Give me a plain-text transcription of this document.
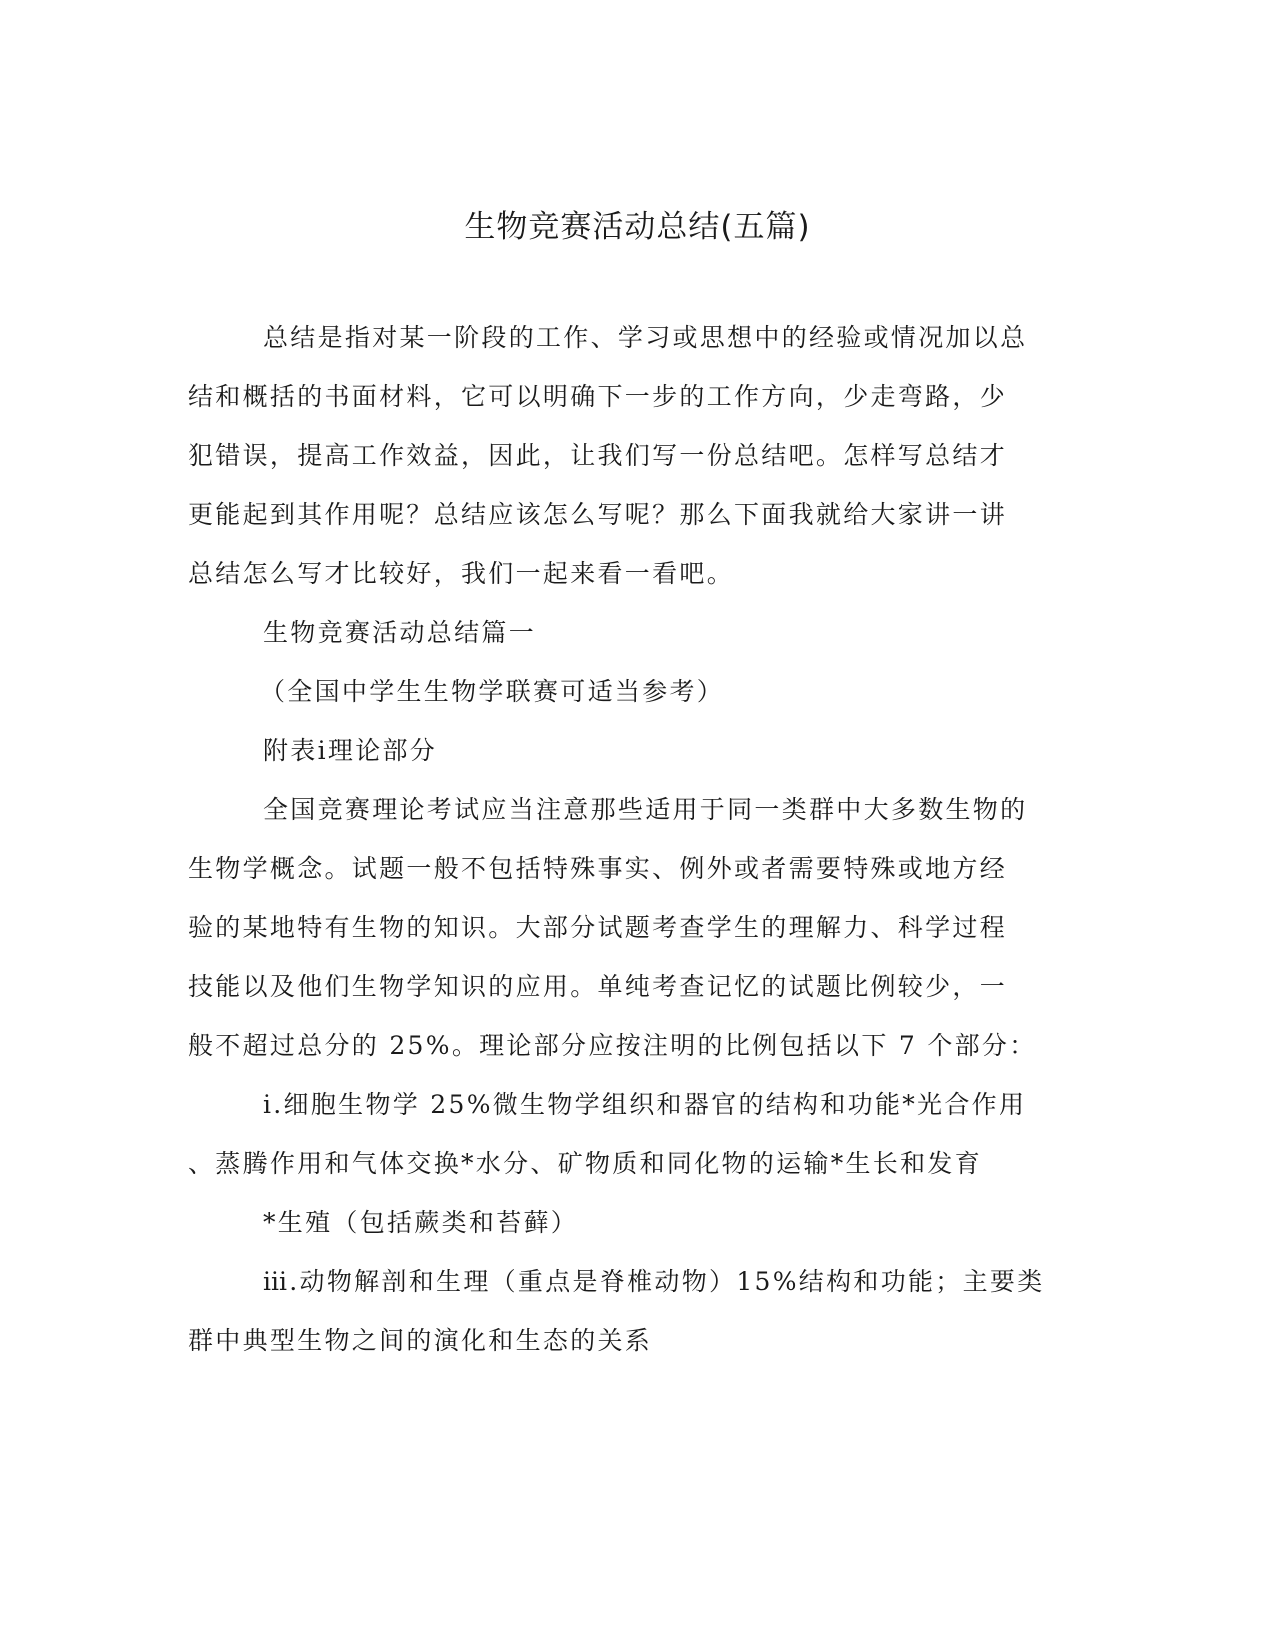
生物竞赛活动总结(五篇)
总结是指对某一阶段的工作、学习或思想中的经验或情况加以总
结和概括的书面材料，它可以明确下一步的工作方向，少走弯路，少
犯错误，提高工作效益，因此，让我们写一份总结吧。怎样写总结才
更能起到其作用呢？总结应该怎么写呢？那么下面我就给大家讲一讲
总结怎么写才比较好，我们一起来看一看吧。
生物竞赛活动总结篇一
（全国中学生生物学联赛可适当参考）
附表ⅰ理论部分
全国竞赛理论考试应当注意那些适用于同一类群中大多数生物的
生物学概念。试题一般不包括特殊事实、例外或者需要特殊或地方经
验的某地特有生物的知识。大部分试题考查学生的理解力、科学过程
技能以及他们生物学知识的应用。单纯考查记忆的试题比例较少，一
般不超过总分的 25%。理论部分应按注明的比例包括以下 7 个部分：
ⅰ.细胞生物学 25%微生物学组织和器官的结构和功能*光合作用
、蒸腾作用和气体交换*水分、矿物质和同化物的运输*生长和发育
*生殖（包括蕨类和苔藓）
ⅲ.动物解剖和生理（重点是脊椎动物）15%结构和功能；主要类
群中典型生物之间的演化和生态的关系
